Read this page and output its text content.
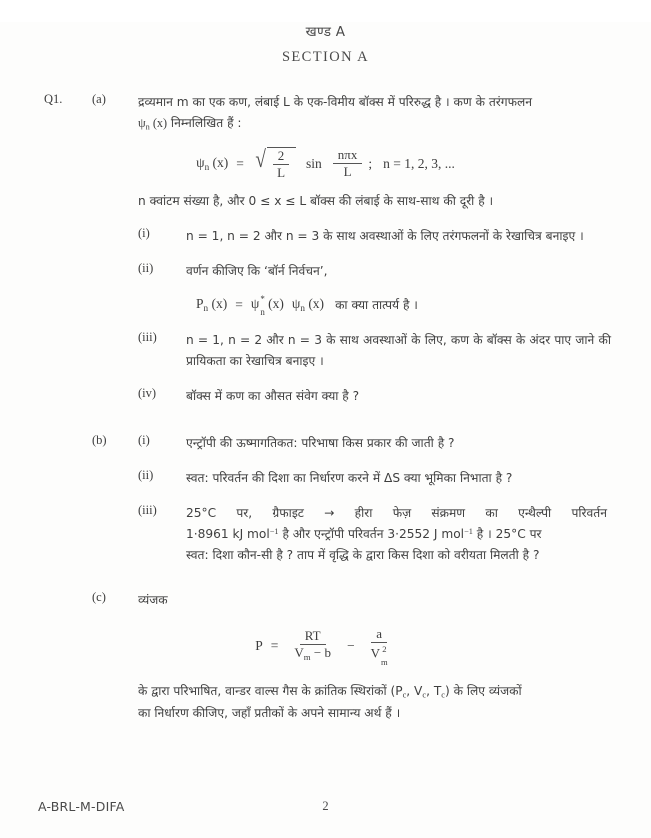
खण्ड A
SECTION A
Q1.	(a)	द्रव्यमान m का एक कण, लंबाई L के एक-विमीय बॉक्स में परिरुद्ध है । कण के तरंगफलन
$\psi_n$ (x) निम्नलिखित हैं :
$\psi_n$ (x) = √ $\frac{2}{L}$ $\sin \frac{\text{nπx}}{L}$ ; n = 1, 2, 3, ...
n क्वांटम संख्या है, और 0 ≤ x ≤ L बॉक्स की लंबाई के साथ-साथ की दूरी है ।
(i)	n = 1, n = 2 और n = 3 के साथ अवस्थाओं के लिए तरंगफलनों के रेखाचित्र बनाइए ।
(ii)	वर्णन कीजिए कि ‘बॉर्न निर्वचन’,
$P_n$ (x) = ψ *
n
(x) $\psi_n$ (x) का क्या तात्पर्य है ।
(iii)	n = 1, n = 2 और n = 3 के साथ अवस्थाओं के लिए, कण के बॉक्स के अंदर पाए जाने की प्रायिकता का रेखाचित्र बनाइए ।
(iv)	बॉक्स में कण का औसत संवेग क्या है ?
(b)	(i)	एन्ट्रॉपी की ऊष्मागतिकत: परिभाषा किस प्रकार की जाती है ?
(ii)	स्वत: परिवर्तन की दिशा का निर्धारण करने में ΔS क्या भूमिका निभाता है ?
(iii)	25°C पर, ग्रैफाइट → हीरा फेज़ संक्रमण का एन्थैल्पी परिवर्तन
1·8961 kJ mol$^{-1}$ है और एन्ट्रॉपी परिवर्तन 3·2552 J mol$^{-1}$ है । 25°C पर
स्वत: दिशा कौन-सी है ? ताप में वृद्धि के द्वारा किस दिशा को वरीयता मिलती है ?
(c)	व्यंजक
$P = \frac{RT}{V_m - b} - a$
V 2
m
के द्वारा परिभाषित, वान्डर वाल्स गैस के क्रांतिक स्थिरांकों ($P_c$, $V_c$, $T_c$) के लिए व्यंजकों
का निर्धारण कीजिए, जहाँ प्रतीकों के अपने सामान्य अर्थ हैं ।
A-BRL-M-DIFA	2
